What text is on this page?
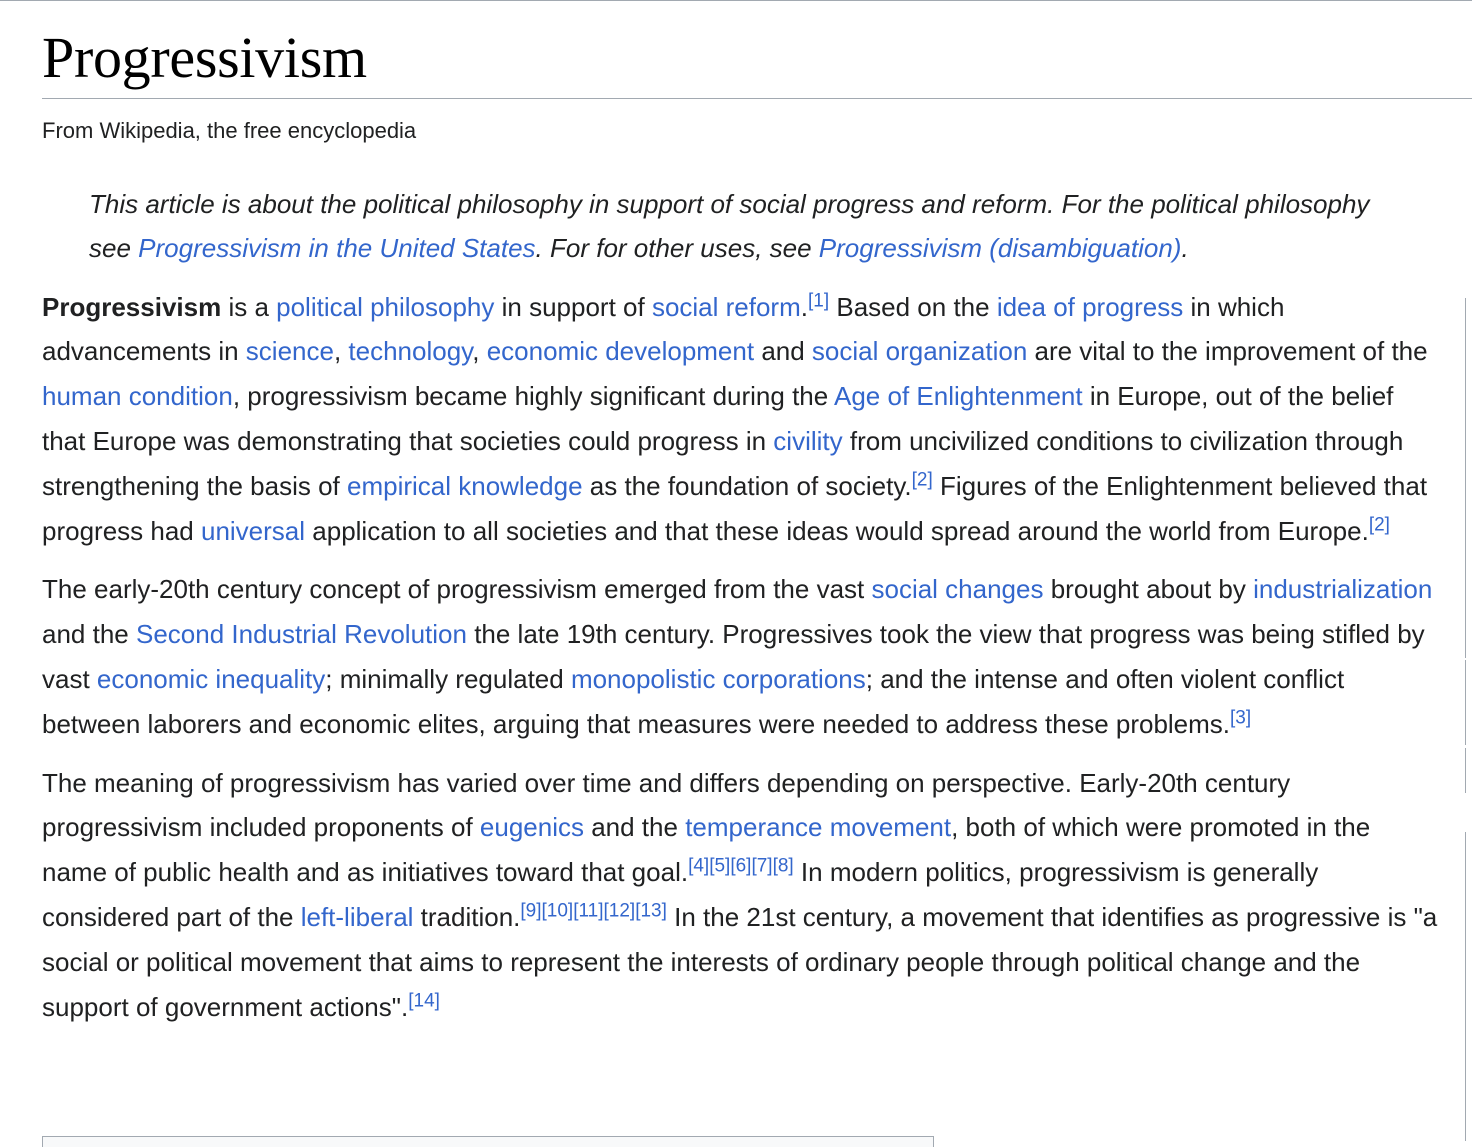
Progressivism
From Wikipedia, the free encyclopedia
This article is about the political philosophy in support of social progress and reform. For the political philosophy
see Progressivism in the United States. For for other uses, see Progressivism (disambiguation).

Progressivism is a political philosophy in support of social reform.[1] Based on the idea of progress in which advancements in science, technology, economic development and social organization are vital to the improvement of the human condition, progressivism became highly significant during the Age of Enlightenment in Europe, out of the belief that Europe was demonstrating that societies could progress in civility from uncivilized conditions to civilization through strengthening the basis of empirical knowledge as the foundation of society.[2] Figures of the Enlightenment believed that progress had universal application to all societies and that these ideas would spread around the world from Europe.[2]

The early-20th century concept of progressivism emerged from the vast social changes brought about by industrialization and the Second Industrial Revolution the late 19th century. Progressives took the view that progress was being stifled by vast economic inequality; minimally regulated monopolistic corporations; and the intense and often violent conflict between laborers and economic elites, arguing that measures were needed to address these problems.[3]

The meaning of progressivism has varied over time and differs depending on perspective. Early-20th century progressivism included proponents of eugenics and the temperance movement, both of which were promoted in the name of public health and as initiatives toward that goal.[4][5][6][7][8] In modern politics, progressivism is generally considered part of the left-liberal tradition.[9][10][11][12][13] In the 21st century, a movement that identifies as progressive is "a social or political movement that aims to represent the interests of ordinary people through political change and the support of government actions".[14]
